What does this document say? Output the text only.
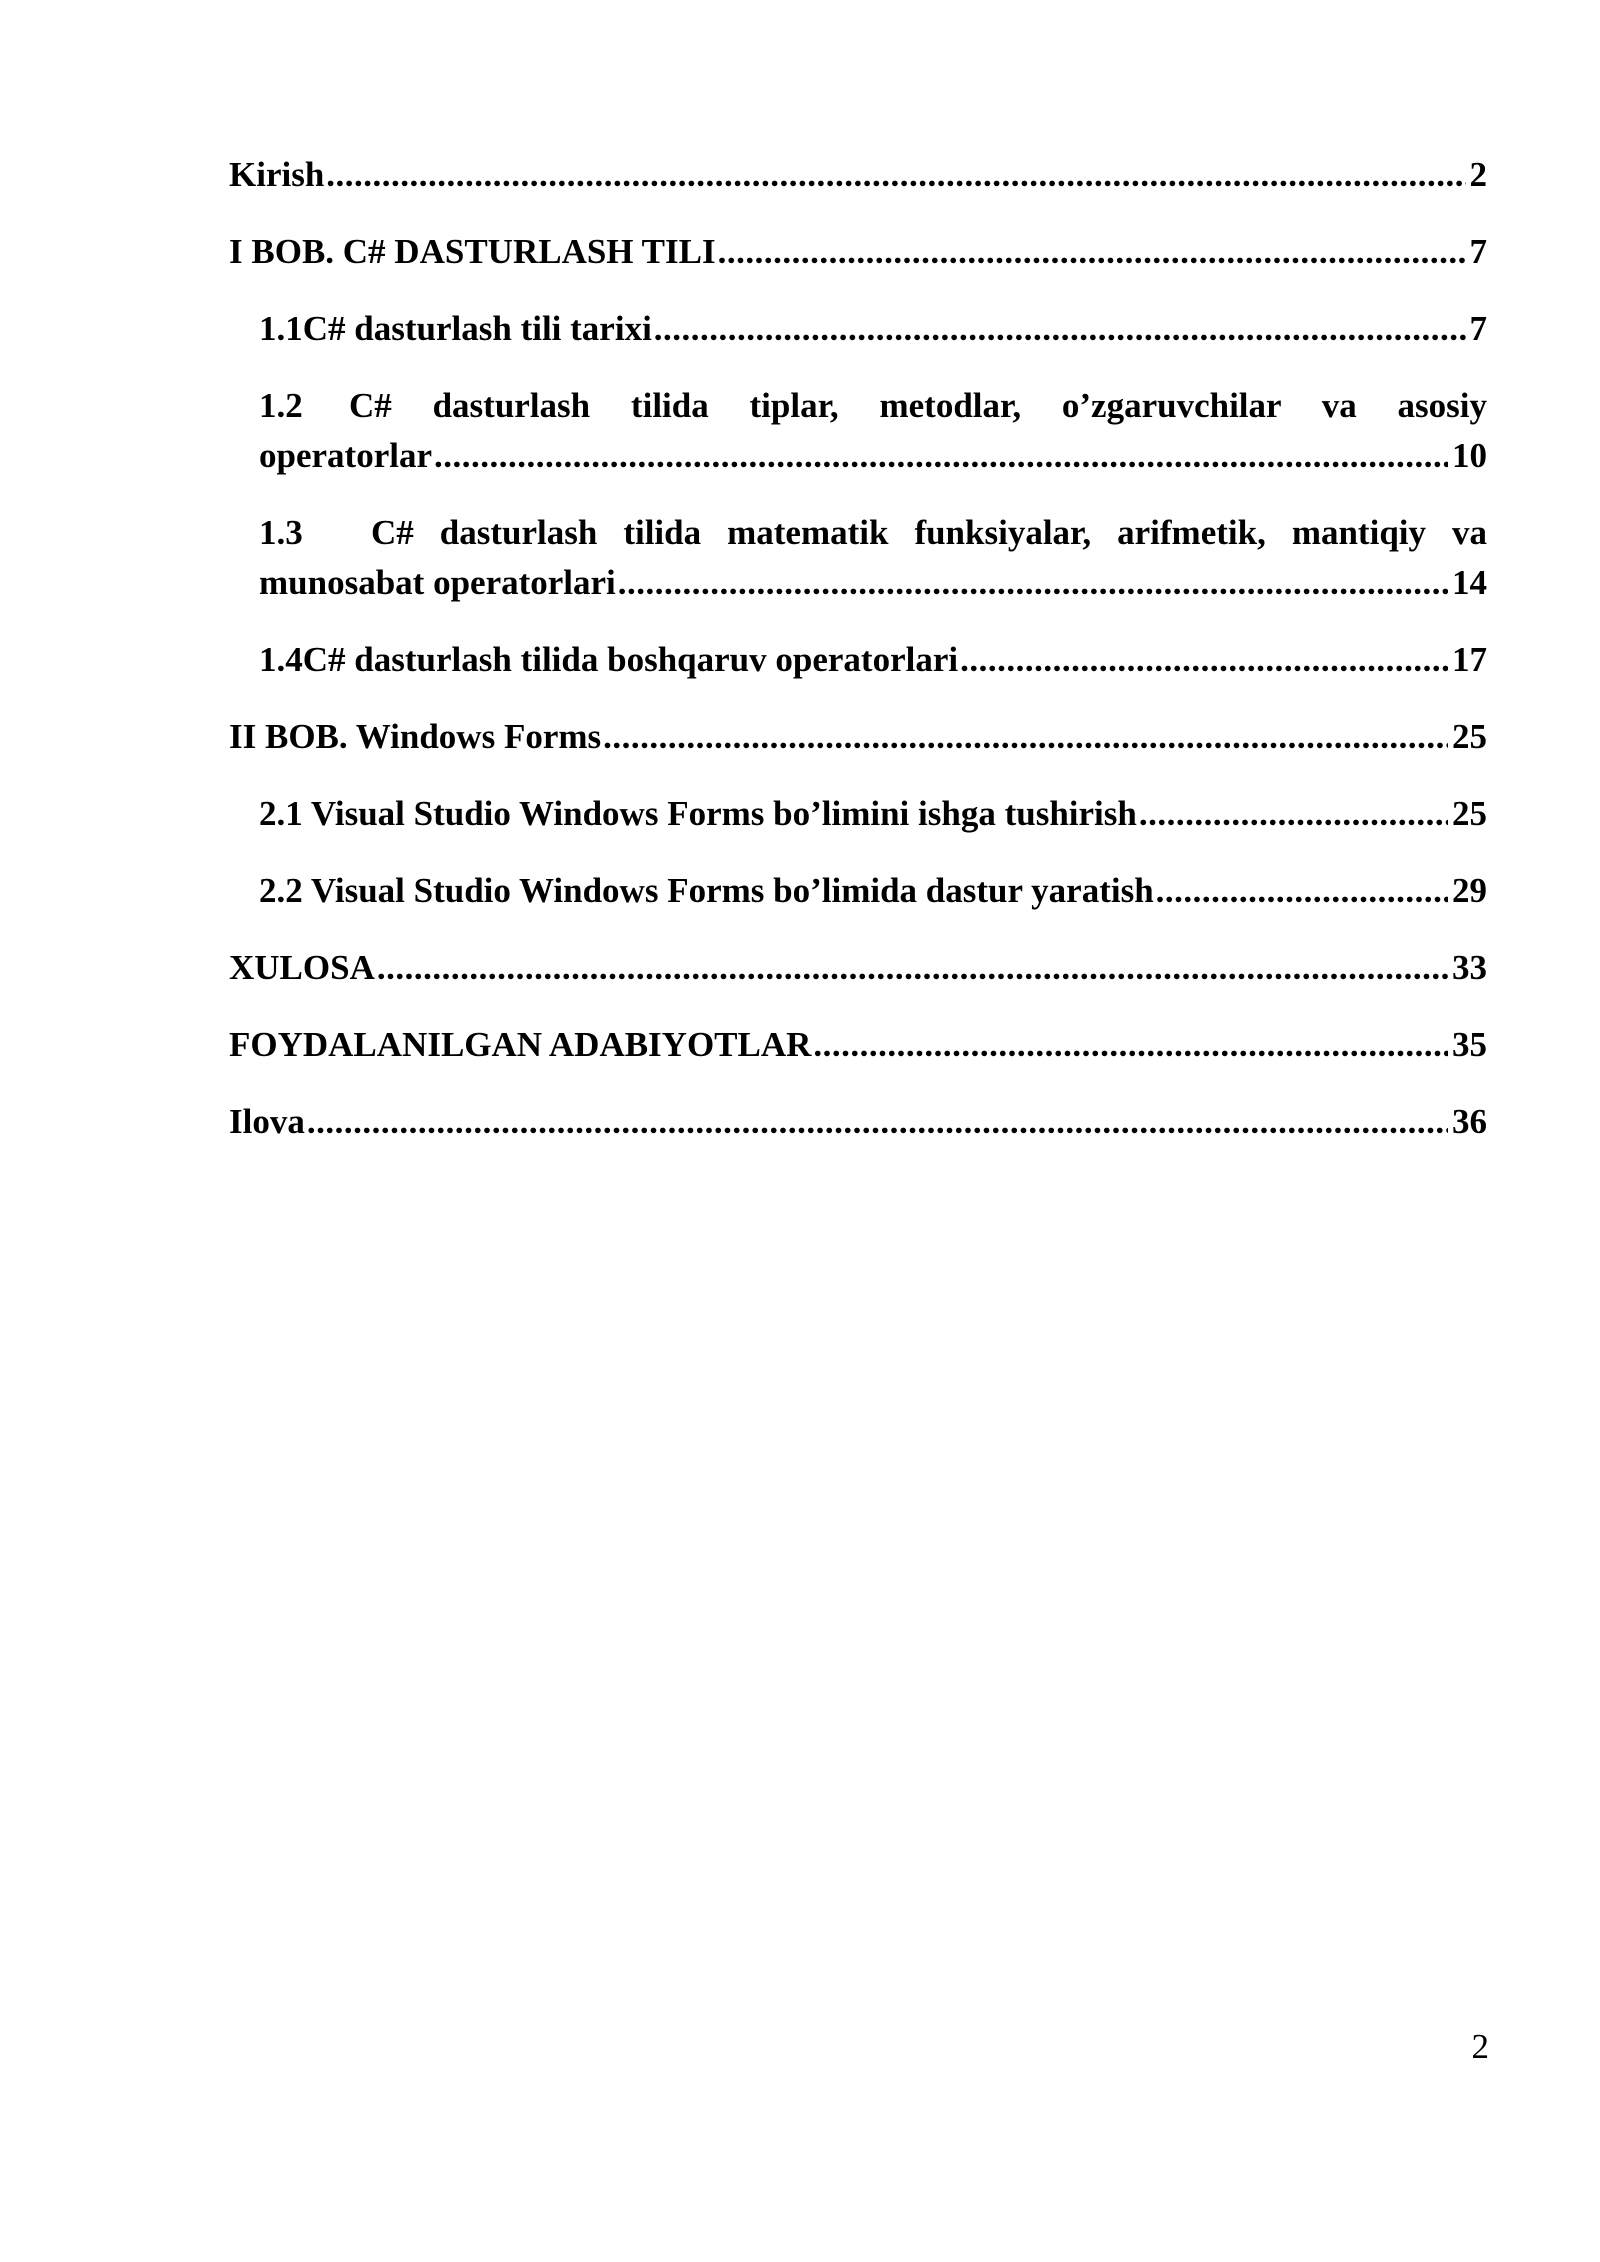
Kirish .....	2
I BOB. C# DASTURLASH TILI .....	7
1.1 C# dasturlash tili tarixi .....	7
1.2 C# dasturlash tilida tiplar, metodlar, o’zgaruvchilar va asosiy
operatorlar .....	10
1.3 C# dasturlash tilida matematik funksiyalar, arifmetik, mantiqiy va
munosabat operatorlari .....	14
1.4 C# dasturlash tilida boshqaruv operatorlari .....	17
II BOB. Windows Forms .....	25
2.1 Visual Studio Windows Forms bo’limini ishga tushirish .....	25
2.2 Visual Studio Windows Forms bo’limida dastur yaratish .....	29
XULOSA .....	33
FOYDALANILGAN ADABIYOTLAR .....	35
Ilova .....	36
2
